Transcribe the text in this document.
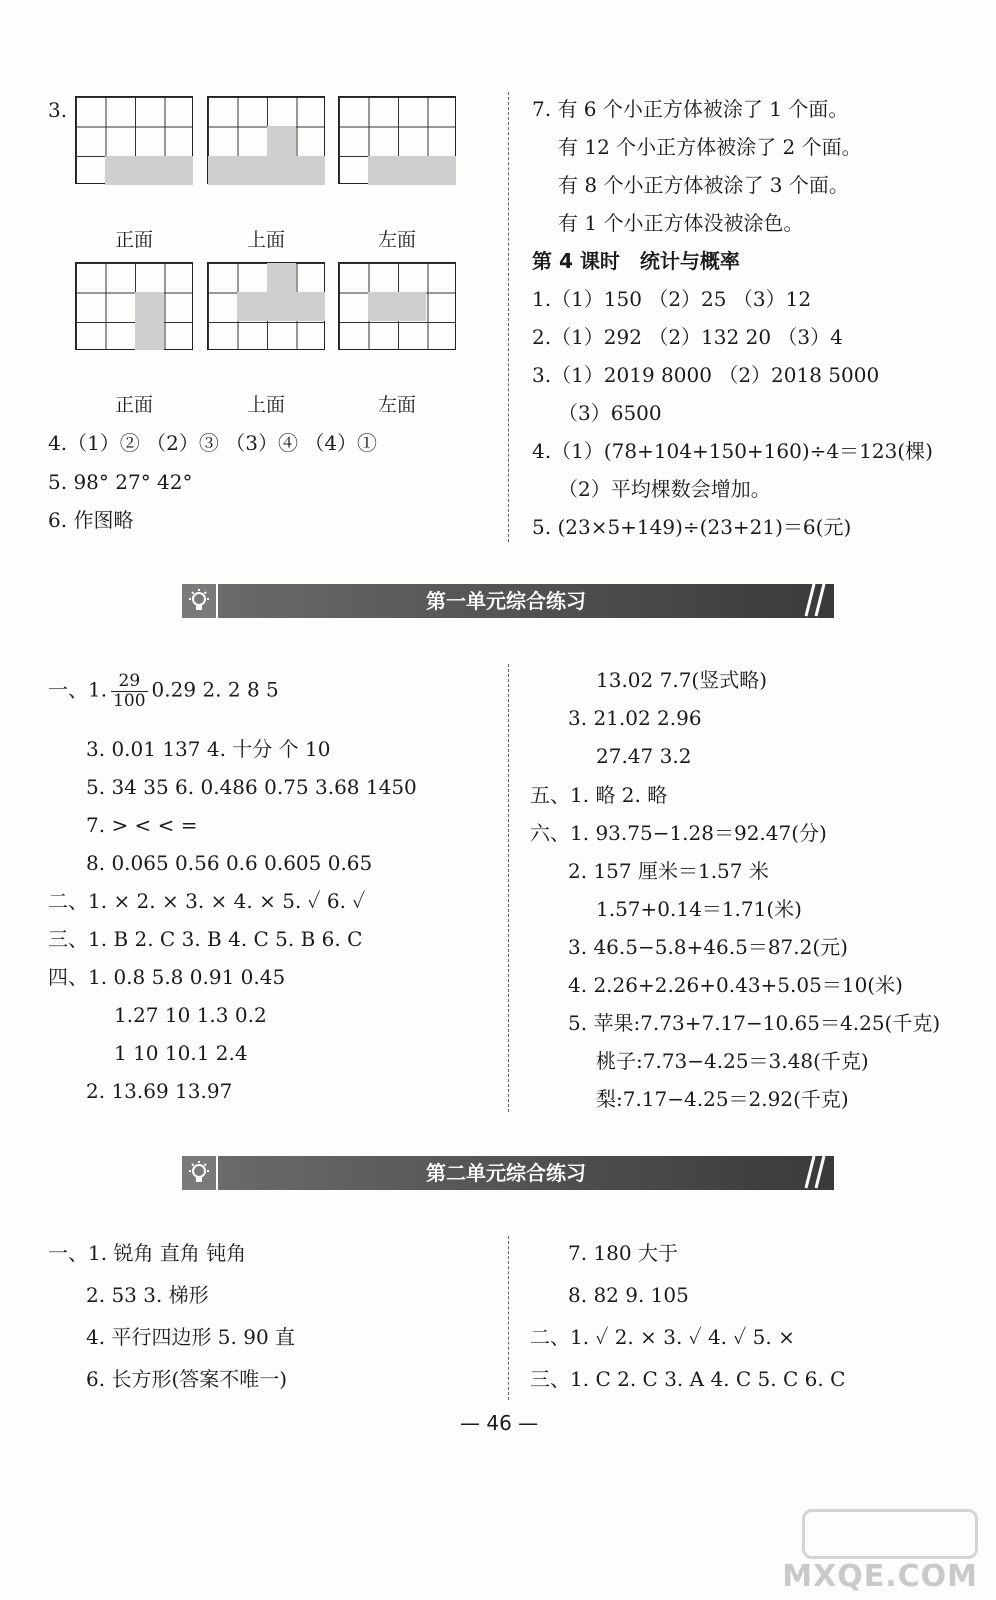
3.
正面	上面	左面
正面	上面	左面
4.（1）② （2）③ （3）④ （4）①
5. 98° 27° 42°
6. 作图略
7. 有 6 个小正方体被涂了 1 个面。
有 12 个小正方体被涂了 2 个面。
有 8 个小正方体被涂了 3 个面。
有 1 个小正方体没被涂色。
第 4 课时　统计与概率
1.（1）150 （2）25 （3）12
2.（1）292 （2）132 20 （3）4
3.（1）2019 8000 （2）2018 5000
（3）6500
4.（1）(78+104+150+160)÷4＝123(棵)
（2）平均棵数会增加。
5. (23×5+149)÷(23+21)＝6(元)
第一单元综合练习
一、1. $\frac{29}{100} 0.29$ 2. 2 8 5
3. 0.01 137 4. 十分 个 10
5. 34 35 6. 0.486 0.75 3.68 1450
7. > < < =
8. 0.065 0.56 0.6 0.605 0.65
二、1. × 2. × 3. × 4. × 5. ✓ 6. ✓
三、1. B 2. C 3. B 4. C 5. B 6. C
四、1. 0.8 5.8 0.91 0.45
1.27 10 1.3 0.2
1 10 10.1 2.4
2. 13.69 13.97
13.02 7.7(竖式略)
3. 21.02 2.96
27.47 3.2
五、1. 略 2. 略
六、1. 93.75−1.28＝92.47(分)
2. 157 厘米＝1.57 米
1.57+0.14＝1.71(米)
3. 46.5−5.8+46.5＝87.2(元)
4. 2.26+2.26+0.43+5.05＝10(米)
5. 苹果:7.73+7.17−10.65＝4.25(千克)
桃子:7.73−4.25＝3.48(千克)
梨:7.17−4.25＝2.92(千克)
第二单元综合练习
一、1. 锐角 直角 钝角
2. 53 3. 梯形
4. 平行四边形 5. 90 直
6. 长方形(答案不唯一)
7. 180 大于
8. 82 9. 105
二、1. ✓ 2. × 3. ✓ 4. ✓ 5. ×
三、1. C 2. C 3. A 4. C 5. C 6. C
— 46 —
MXQE.COM
